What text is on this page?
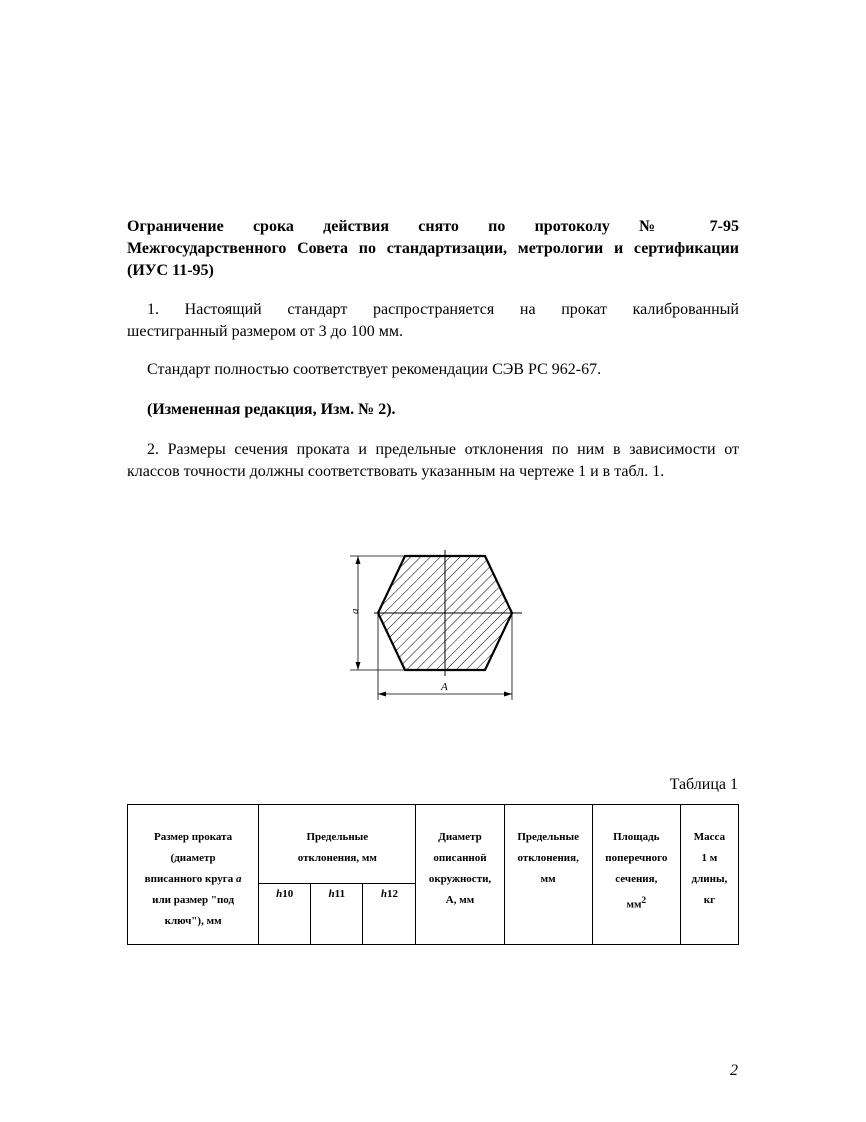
Ограничение срока действия снято по протоколу № 7-95
Межгосударственного Совета по стандартизации, метрологии и сертификации
(ИУС 11-95)
1. Настоящий стандарт распространяется на прокат калиброванный
шестигранный размером от 3 до 100 мм.
Стандарт полностью соответствует рекомендации СЭВ РС 962-67.
(Измененная редакция, Изм. № 2).
2. Размеры сечения проката и предельные отклонения по ним в зависимости от
классов точности должны соответствовать указанным на чертеже 1 и в табл. 1.
a
A
Таблица 1
Размер проката
(диаметр
вписанного круга a
или размер "под
ключ"), мм	Предельные
отклонения, мм			Диаметр
описанной
окружности,
A, мм	Предельные
отклонения,
мм	Площадь
поперечного
сечения,
$мм^2$	Масса
1 м
длины,
кг
	h10	h11	h12				
2
